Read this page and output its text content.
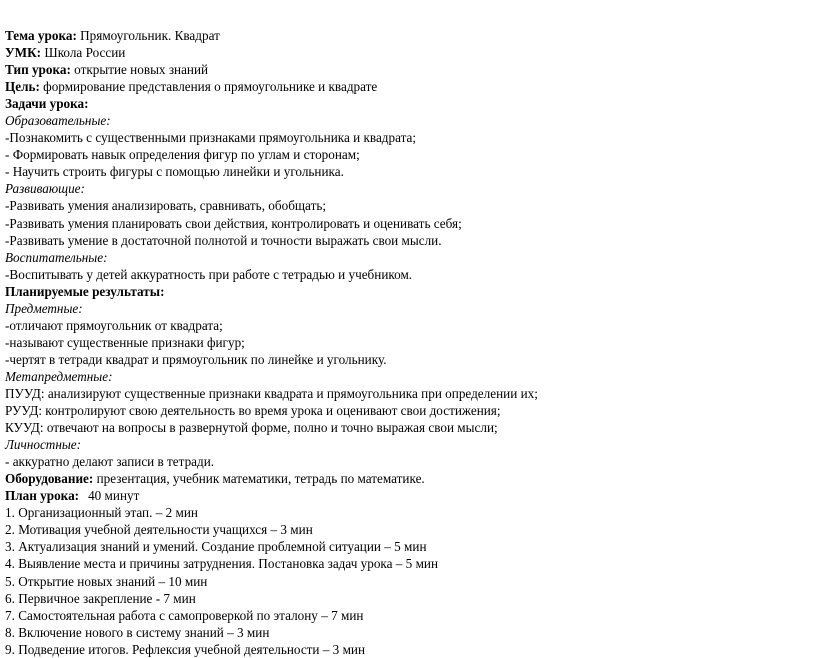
Тема урока: Прямоугольник. Квадрат

УМК: Школа России

Тип урока: открытие новых знаний

Цель: формирование представления о прямоугольнике и квадрате

Задачи урока:

Образовательные:

-Познакомить с существенными признаками прямоугольника и квадрата;

- Формировать навык определения фигур по углам и сторонам;

- Научить строить фигуры с помощью линейки и угольника.

Развивающие:

-Развивать умения анализировать, сравнивать, обобщать;

-Развивать умения планировать свои действия, контролировать и оценивать себя;

-Развивать умение в достаточной полнотой и точности выражать свои мысли.

Воспитательные:

-Воспитывать у детей аккуратность при работе с тетрадью и учебником.

Планируемые результаты:

Предметные:

-отличают прямоугольник от квадрата;

-называют существенные признаки фигур;

-чертят в тетради квадрат и прямоугольник по линейке и угольнику.

Метапредметные:

ПУУД: анализируют существенные признаки квадрата и прямоугольника при определении их;

РУУД: контролируют свою деятельность во время урока и оценивают свои достижения;

КУУД: отвечают на вопросы в развернутой форме, полно и точно выражая свои мысли;

Личностные:

- аккуратно делают записи в тетради.

Оборудование: презентация, учебник математики, тетрадь по математике.

План урока: 40 минут

1. Организационный этап. – 2 мин

2. Мотивация учебной деятельности учащихся – 3 мин

3. Актуализация знаний и умений. Создание проблемной ситуации – 5 мин

4. Выявление места и причины затруднения. Постановка задач урока – 5 мин

5. Открытие новых знаний – 10 мин

6. Первичное закрепление - 7 мин

7. Самостоятельная работа с самопроверкой по эталону – 7 мин

8. Включение нового в систему знаний – 3 мин

9. Подведение итогов. Рефлексия учебной деятельности – 3 мин
